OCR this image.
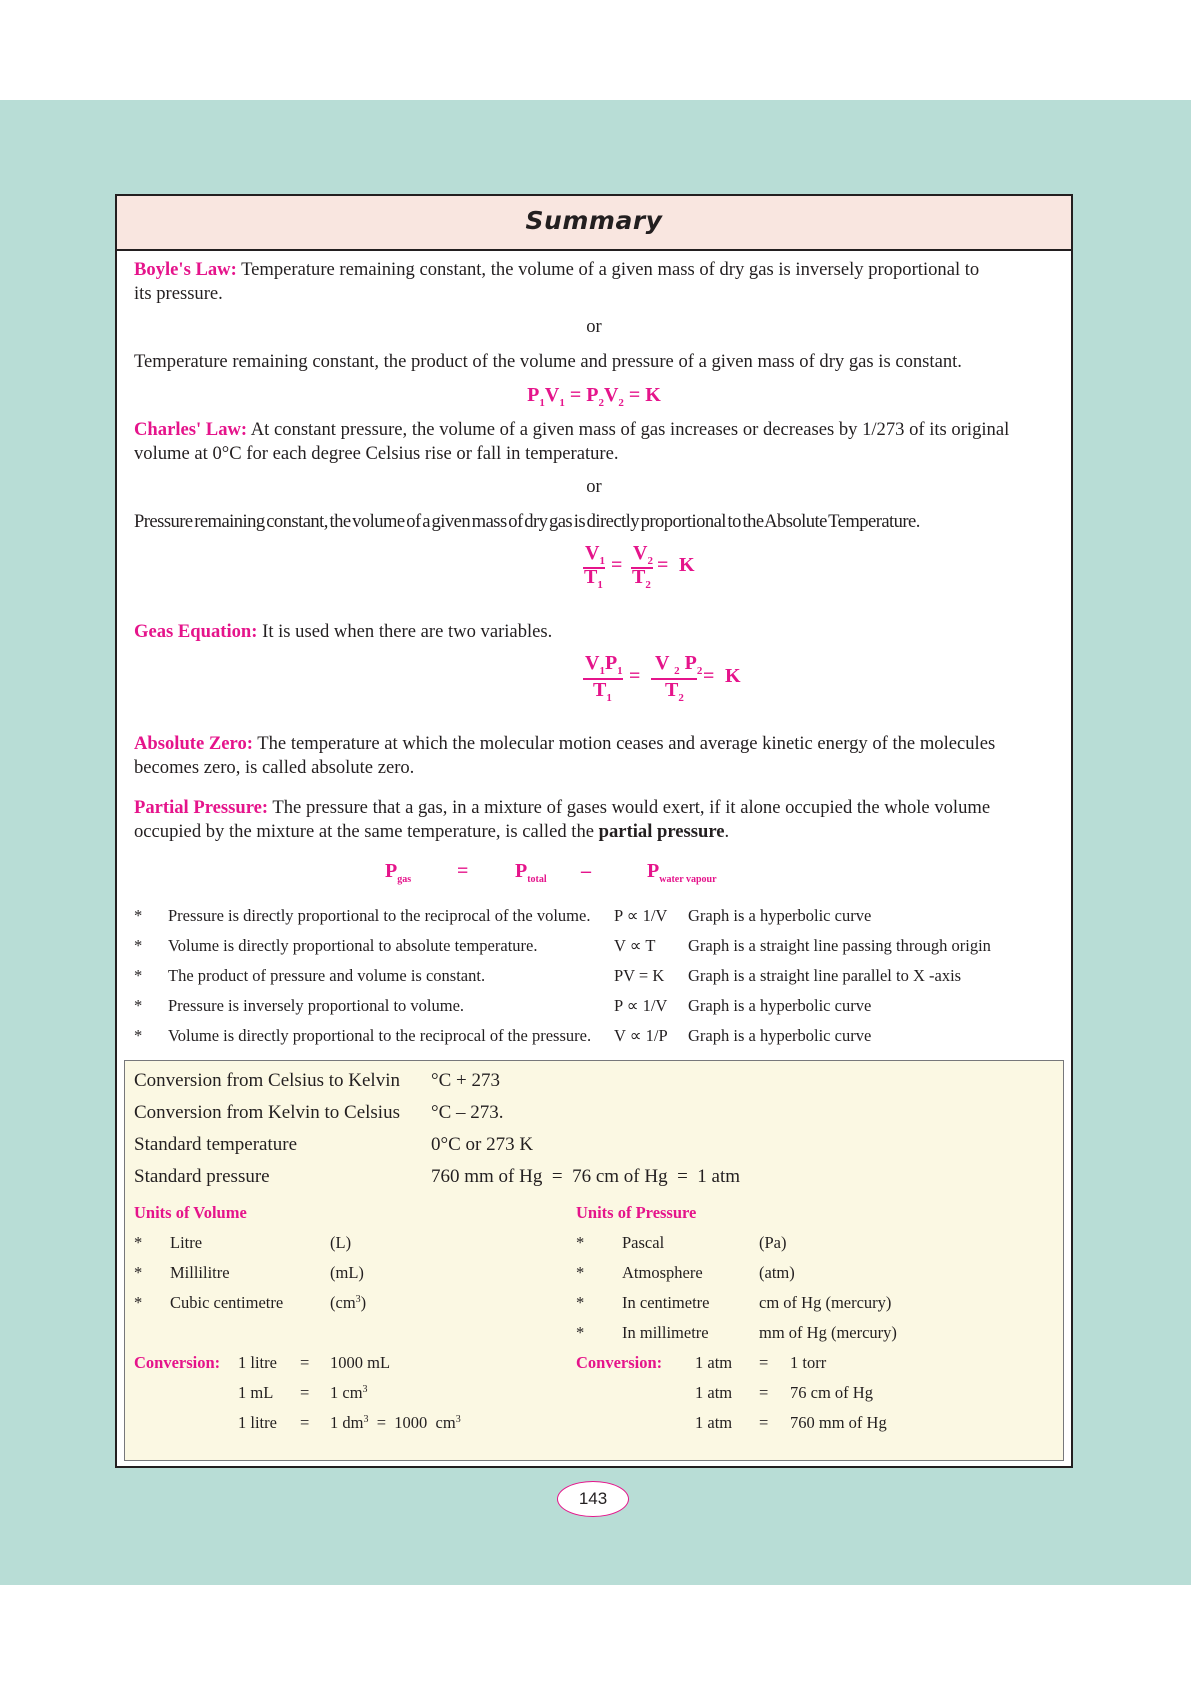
Summary
Boyle's Law: Temperature remaining constant, the volume of a given mass of dry gas is inversely proportional to
its pressure.
or
Temperature remaining constant, the product of the volume and pressure of a given mass of dry gas is constant.
$P_1V_1 = P_2V_2 = K$
Charles' Law: At constant pressure, the volume of a given mass of gas increases or decreases by 1/273 of its original
volume at 0°C for each degree Celsius rise or fall in temperature.
or
Pressure remaining constant, the volume of a given mass of dry gas is directly proportional to the Absolute Temperature.
$V_1$
$T_1$
=
$V_2$
$T_2$
= K
Geas Equation: It is used when there are two variables.
$V_1P_1$
$T_1$
=
V $_2$ $P_2$
$T_2$
= K
Absolute Zero: The temperature at which the molecular motion ceases and average kinetic energy of the molecules
becomes zero, is called absolute zero.
Partial Pressure: The pressure that a gas, in a mixture of gases would exert, if it alone occupied the whole volume
occupied by the mixture at the same temperature, is called the partial pressure.
$P_{gas} = P_{total}$ –	$P_{water vapour}$
* Pressure is directly proportional to the reciprocal of the volume. P ∝ 1/V Graph is a hyperbolic curve
* Volume is directly proportional to absolute temperature.	V ∝ T Graph is a straight line passing through origin
* The product of pressure and volume is constant.	PV = K Graph is a straight line parallel to X -axis
* Pressure is inversely proportional to volume.	P ∝ 1/V Graph is a hyperbolic curve
* Volume is directly proportional to the reciprocal of the pressure. V ∝ 1/P Graph is a hyperbolic curve
Conversion from Celsius to Kelvin °C + 273
Conversion from Kelvin to Celsius °C – 273.
Standard temperature	0°C or 273 K
Standard pressure	760 mm of Hg  =  76 cm of Hg  =  1 atm
Units of Volume
* Litre	(L)
* Millilitre	(mL)
* Cubic centimetre	$(cm^3)$
Conversion: 1 litre = 1000 mL
1 mL = 1 $cm^3$
1 litre = 1 $dm^3 = 1000$  $cm^3$
Units of Pressure
* Pascal	(Pa)
* Atmosphere	(atm)
* In centimetre	cm of Hg (mercury)
* In millimetre	mm of Hg (mercury)
Conversion: 1 atm = 1 torr
1 atm = 76 cm of Hg
1 atm = 760 mm of Hg
143
